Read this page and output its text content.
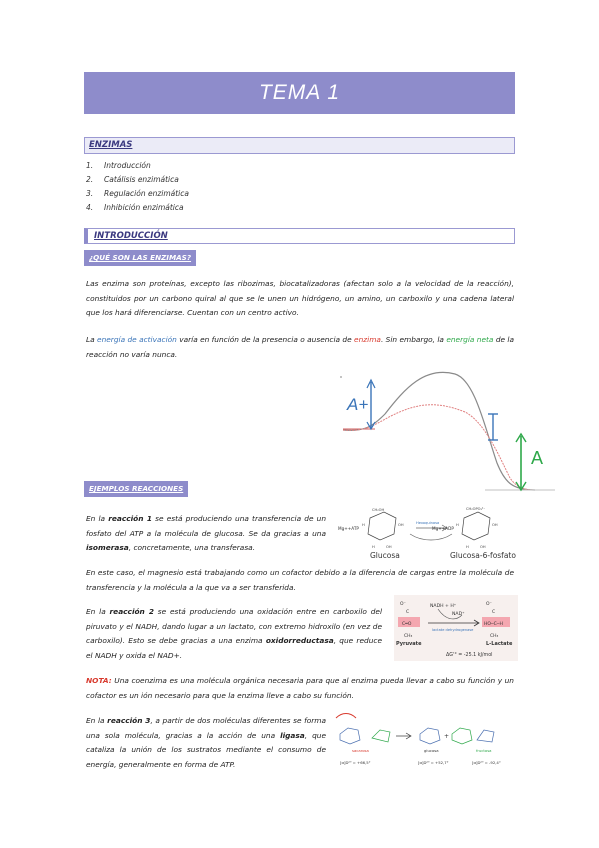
TEMA 1
ENZIMAS
1. Introducción
2. Catálisis enzimática
3. Regulación enzimática
4. Inhibición enzimática
INTRODUCCIÓN
¿QUÉ SON LAS ENZIMAS?

Las enzima son proteínas, excepto las ribozimas, biocatalizadoras (afectan solo a la velocidad de la reacción), constituidos por un carbono quiral al que se le unen un hidrógeno, un amino, un carboxilo y una cadena lateral que los hará diferenciarse. Cuentan con un centro activo.

La energía de activación varía en función de la presencia o ausencia de enzima. Sin embargo, la energía neta de la reacción no varía nunca.

A+
A
EJEMPLOS REACCIONES

En la reacción 1 se está produciendo una transferencia de un fosfato del ATP a la molécula de glucosa. Se da gracias a una isomerasa, concretamente, una transferasa.

CH₂OH	CH₂OPO₃²⁻
H	OH	H	OH
H	OH	H	OH
Mg++ATP	Mg++ADP
Hexoquinasa
Glucosa	Glucosa-6-fosfato

En este caso, el magnesio está trabajando como un cofactor debido a la diferencia de cargas entre la molécula de transferencia y la molécula a la que va a ser transferida.

En la reacción 2 se está produciendo una oxidación entre en carboxilo del piruvato y el NADH, dando lugar a un lactato, con extremo hidroxilo (en vez de carboxilo). Esto se debe gracias a una enzima oxidorreductasa, que reduce el NADH y oxida el NAD+.

O⁻
C
C═O
CH₃
O⁻
C
HO─C─H
CH₃
NADH + H⁺
NAD⁺
lactate dehydrogenase
Pyruvate	L-Lactate
ΔG'° = -25.1 kJ/mol

NOTA: Una coenzima es una molécula orgánica necesaria para que al enzima pueda llevar a cabo su función y un cofactor es un ión necesario para que la enzima lleve a cabo su función.

En la reacción 3, a partir de dos moléculas diferentes se forma una sola molécula, gracias a la acción de una ligasa, que cataliza la unión de los sustratos mediante el consumo de energía, generalmente en forma de ATP.

+
sacarosa	glucosa	fructosa
[α]D²⁰ = +66,5°	[α]D²⁰ = +52,7°	[α]D²⁰ = -92,4°
